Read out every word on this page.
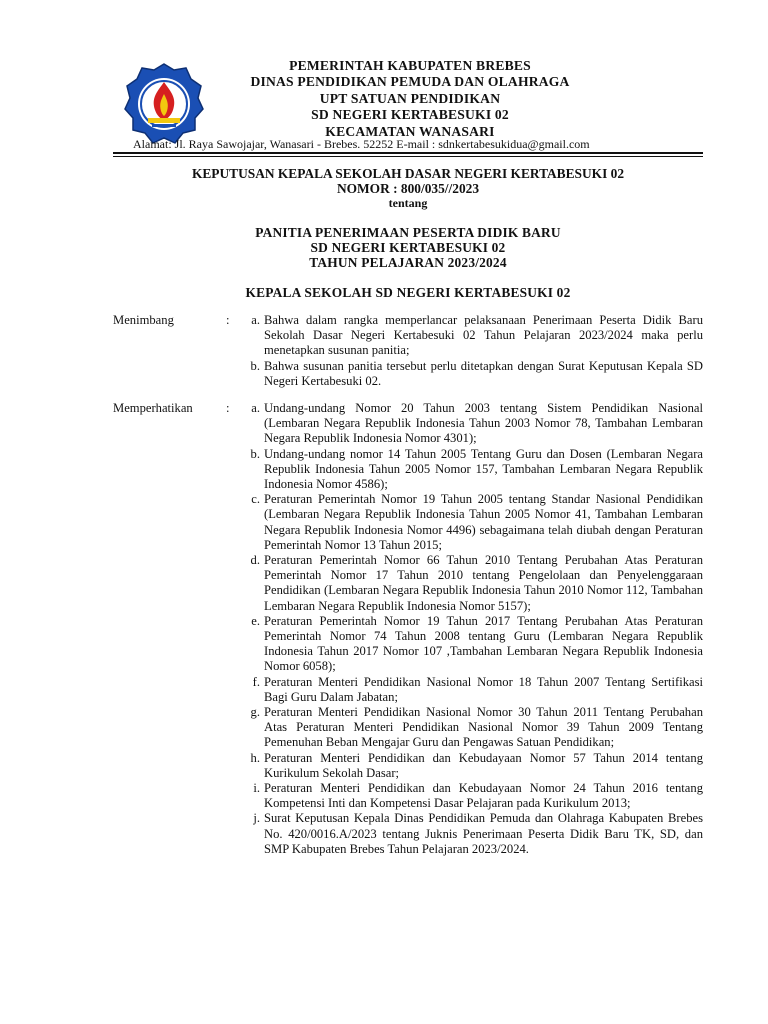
PEMERINTAH KABUPATEN BREBES
DINAS PENDIDIKAN PEMUDA DAN OLAHRAGA
UPT SATUAN PENDIDIKAN
SD NEGERI KERTABESUKI 02
KECAMATAN WANASARI
Alamat: Jl. Raya Sawojajar, Wanasari - Brebes. 52252 E-mail : sdnkertabesukidua@gmail.com
KEPUTUSAN KEPALA SEKOLAH DASAR NEGERI KERTABESUKI 02
NOMOR : 800/035//2023
tentang
PANITIA PENERIMAAN PESERTA DIDIK BARU
SD NEGERI KERTABESUKI 02
TAHUN PELAJARAN 2023/2024
KEPALA SEKOLAH SD NEGERI KERTABESUKI 02
Menimbang	:	a. Bahwa dalam rangka memperlancar pelaksanaan Penerimaan Peserta Didik Baru Sekolah Dasar Negeri Kertabesuki 02 Tahun Pelajaran 2023/2024 maka perlu menetapkan susunan panitia;
b. Bahwa susunan panitia tersebut perlu ditetapkan dengan Surat Keputusan Kepala SD Negeri Kertabesuki 02.
Memperhatikan	:	a. Undang-undang Nomor 20 Tahun 2003 tentang Sistem Pendidikan Nasional (Lembaran Negara Republik Indonesia Tahun 2003 Nomor 78, Tambahan Lembaran Negara Republik Indonesia Nomor 4301);
b. Undang-undang nomor 14 Tahun 2005 Tentang Guru dan Dosen (Lembaran Negara Republik Indonesia Tahun 2005 Nomor 157, Tambahan Lembaran Negara Republik Indonesia Nomor 4586);
c. Peraturan Pemerintah Nomor 19 Tahun 2005 tentang Standar Nasional Pendidikan (Lembaran Negara Republik Indonesia Tahun 2005 Nomor 41, Tambahan Lembaran Negara Republik Indonesia Nomor 4496) sebagaimana telah diubah dengan Peraturan Pemerintah Nomor 13 Tahun 2015;
d. Peraturan Pemerintah Nomor 66 Tahun 2010 Tentang Perubahan Atas Peraturan Pemerintah Nomor 17 Tahun 2010 tentang Pengelolaan dan Penyelenggaraan Pendidikan (Lembaran Negara Republik Indonesia Tahun 2010 Nomor 112, Tambahan Lembaran Negara Republik Indonesia Nomor 5157);
e. Peraturan Pemerintah Nomor 19 Tahun 2017 Tentang Perubahan Atas Peraturan Pemerintah Nomor 74 Tahun 2008 tentang Guru (Lembaran Negara Republik Indonesia Tahun 2017 Nomor 107 ,Tambahan Lembaran Negara Republik Indonesia Nomor 6058);
f. Peraturan Menteri Pendidikan Nasional Nomor 18 Tahun 2007 Tentang Sertifikasi Bagi Guru Dalam Jabatan;
g. Peraturan Menteri Pendidikan Nasional Nomor 30 Tahun 2011 Tentang Perubahan Atas Peraturan Menteri Pendidikan Nasional Nomor 39 Tahun 2009 Tentang Pemenuhan Beban Mengajar Guru dan Pengawas Satuan Pendidikan;
h. Peraturan Menteri Pendidikan dan Kebudayaan Nomor 57 Tahun 2014 tentang Kurikulum Sekolah Dasar;
i. Peraturan Menteri Pendidikan dan Kebudayaan Nomor 24 Tahun 2016 tentang Kompetensi Inti dan Kompetensi Dasar Pelajaran pada Kurikulum 2013;
j. Surat Keputusan Kepala Dinas Pendidikan Pemuda dan Olahraga Kabupaten Brebes No. 420/0016.A/2023 tentang Juknis Penerimaan Peserta Didik Baru TK, SD, dan SMP Kabupaten Brebes Tahun Pelajaran 2023/2024.
